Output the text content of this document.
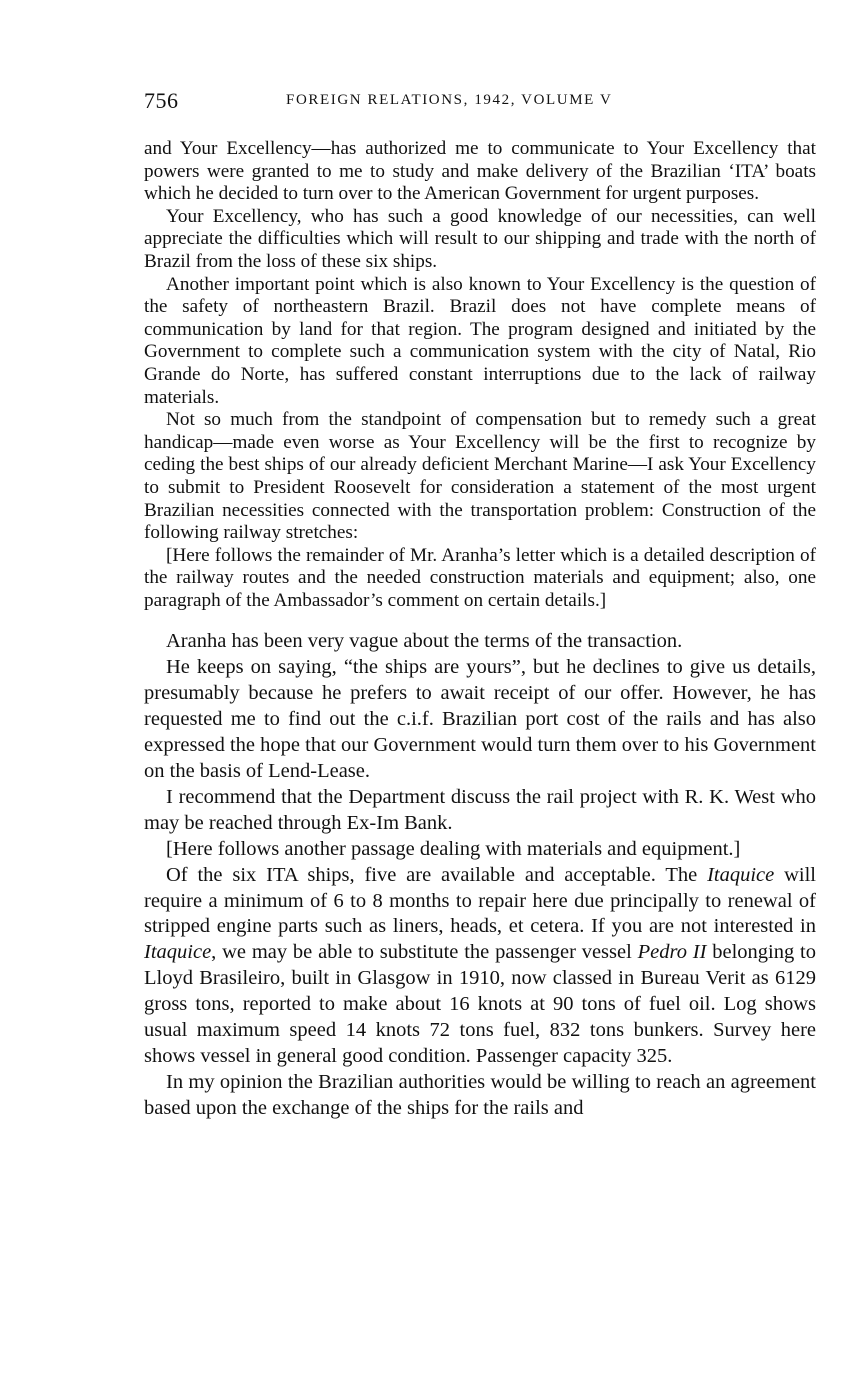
756	FOREIGN RELATIONS, 1942, VOLUME V

and Your Excellency—has authorized me to communicate to Your Excellency that powers were granted to me to study and make delivery of the Brazilian ‘ITA’ boats which he decided to turn over to the American Government for urgent purposes.

Your Excellency, who has such a good knowledge of our necessities, can well appreciate the difficulties which will result to our shipping and trade with the north of Brazil from the loss of these six ships.

Another important point which is also known to Your Excellency is the question of the safety of northeastern Brazil. Brazil does not have complete means of communication by land for that region. The program designed and initiated by the Government to complete such a communication system with the city of Natal, Rio Grande do Norte, has suffered constant interruptions due to the lack of railway materials.

Not so much from the standpoint of compensation but to remedy such a great handicap—made even worse as Your Excellency will be the first to recognize by ceding the best ships of our already deficient Merchant Marine—I ask Your Excellency to submit to President Roosevelt for consideration a statement of the most urgent Brazilian necessities connected with the transportation problem: Construction of the following railway stretches:

[Here follows the remainder of Mr. Aranha’s letter which is a detailed description of the railway routes and the needed construction materials and equipment; also, one paragraph of the Ambassador’s comment on certain details.]

Aranha has been very vague about the terms of the transaction.

He keeps on saying, “the ships are yours”, but he declines to give us details, presumably because he prefers to await receipt of our offer. However, he has requested me to find out the c.i.f. Brazilian port cost of the rails and has also expressed the hope that our Government would turn them over to his Government on the basis of Lend-Lease.

I recommend that the Department discuss the rail project with R. K. West who may be reached through Ex-Im Bank.

[Here follows another passage dealing with materials and equipment.]

Of the six ITA ships, five are available and acceptable. The Itaquice will require a minimum of 6 to 8 months to repair here due principally to renewal of stripped engine parts such as liners, heads, et cetera. If you are not interested in Itaquice, we may be able to substitute the passenger vessel Pedro II belonging to Lloyd Brasileiro, built in Glasgow in 1910, now classed in Bureau Verit as 6129 gross tons, reported to make about 16 knots at 90 tons of fuel oil. Log shows usual maximum speed 14 knots 72 tons fuel, 832 tons bunkers. Survey here shows vessel in general good condition. Passenger capacity 325.

In my opinion the Brazilian authorities would be willing to reach an agreement based upon the exchange of the ships for the rails and
